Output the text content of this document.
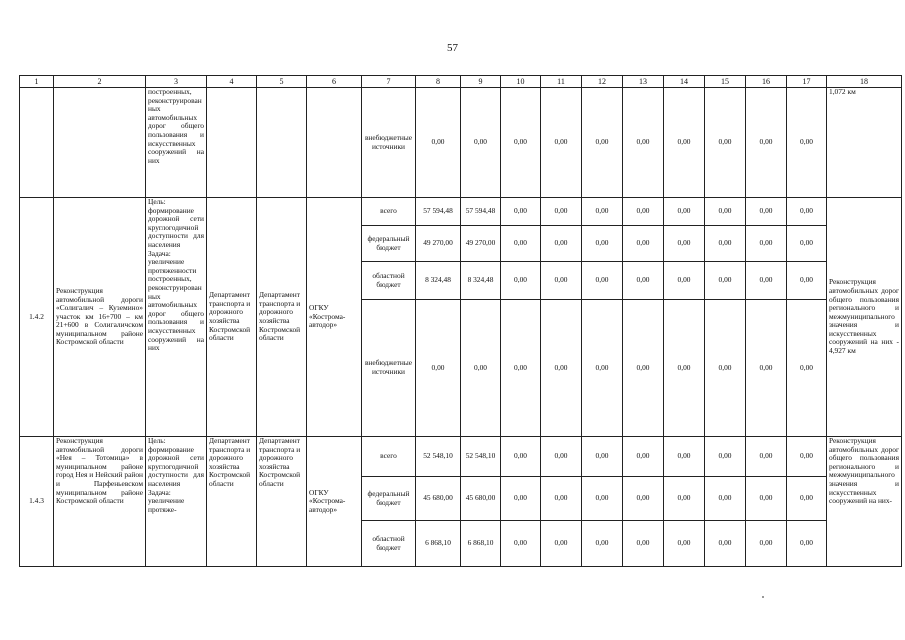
57
1	2	3	4	5	6	7	8	9	10	11	12	13	14	15	16	17	18
		построенных, реконструированных автомобильных дорог общего пользования и искусственных сооружений на них				внебюджетные источники	0,00	0,00	0,00	0,00	0,00	0,00	0,00	0,00	0,00	0,00	1,072 км
1.4.2	Реконструкция автомобильной дороги «Солигалич – Куземино» участок км 16+700 – км 21+600 в Солигаличском муниципальном районе Костромской области	Цель: формирование дорожной сети круглогодичной доступности для населения Задача: увеличение протяженности построенных, реконструированных автомобильных дорог общего пользования и искусственных сооружений на них	Департамент транспорта и дорожного хозяйства Костромской области	Департамент транспорта и дорожного хозяйства Костромской области	ОГКУ «Кострома-автодор»	всего	57 594,48	57 594,48	0,00	0,00	0,00	0,00	0,00	0,00	0,00	0,00	Реконструкция автомобильных дорог общего пользования регионального и межмуниципального значения и искусственных сооружений на них - 4,927 км
						федеральный бюджет	49 270,00	49 270,00	0,00	0,00	0,00	0,00	0,00	0,00	0,00	0,00	
						областной бюджет	8 324,48	8 324,48	0,00	0,00	0,00	0,00	0,00	0,00	0,00	0,00	
						внебюджетные источники	0,00	0,00	0,00	0,00	0,00	0,00	0,00	0,00	0,00	0,00	
1.4.3	Реконструкция автомобильной дороги «Нея – Тотомица» в муниципальном районе город Нея и Нейский район и Парфеньевском муниципальном районе Костромской области	Цель: формирование дорожной сети круглогодичной доступности для населения Задача: увеличение протяже-	Департамент транспорта и дорожного хозяйства Костромской области	Департамент транспорта и дорожного хозяйства Костромской области	ОГКУ «Кострома-автодор»	всего	52 548,10	52 548,10	0,00	0,00	0,00	0,00	0,00	0,00	0,00	0,00	Реконструкция автомобильных дорог общего пользования регионального и межмуниципального значения и искусственных сооружений на них-
						федеральный бюджет	45 680,00	45 680,00	0,00	0,00	0,00	0,00	0,00	0,00	0,00	0,00	
						областной бюджет	6 868,10	6 868,10	0,00	0,00	0,00	0,00	0,00	0,00	0,00	0,00	
